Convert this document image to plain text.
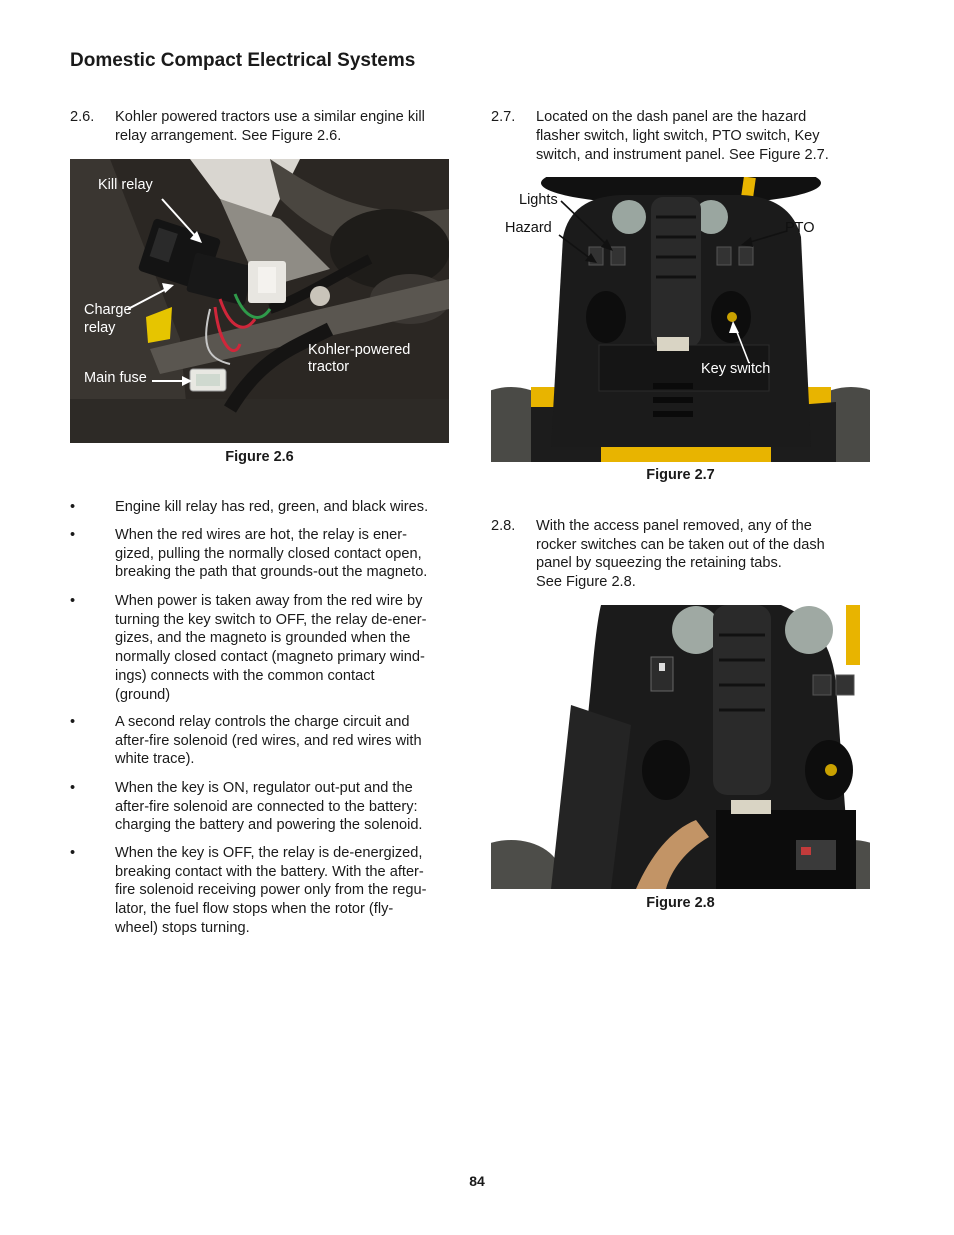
Domestic Compact Electrical Systems
2.6. Kohler powered tractors use a similar engine kill
relay arrangement. See Figure 2.6.
Kill relay
Charge
relay
Main fuse
Kohler-powered
tractor
Figure 2.6
•	Engine kill relay has red, green, and black wires.
•	When the red wires are hot, the relay is ener-
gized, pulling the normally closed contact open,
breaking the path that grounds-out the magneto.
•	When power is taken away from the red wire by
turning the key switch to OFF, the relay de-ener-
gizes, and the magneto is grounded when the
normally closed contact (magneto primary wind-
ings) connects with the common contact
(ground)
•	A second relay controls the charge circuit and
after-fire solenoid (red wires, and red wires with
white trace).
•	When the key is ON, regulator out-put and the
after-fire solenoid are connected to the battery:
charging the battery and powering the solenoid.
•	When the key is OFF, the relay is de-energized,
breaking contact with the battery. With the after-
fire solenoid receiving power only from the regu-
lator, the fuel flow stops when the rotor (fly-
wheel) stops turning.
2.7. Located on the dash panel are the hazard
flasher switch, light switch, PTO switch, Key
switch, and instrument panel. See Figure 2.7.
Lights
Hazard	PTO
Key switch
Figure 2.7
2.8. With the access panel removed, any of the
rocker switches can be taken out of the dash
panel by squeezing the retaining tabs.
See Figure 2.8.
Figure 2.8
84
